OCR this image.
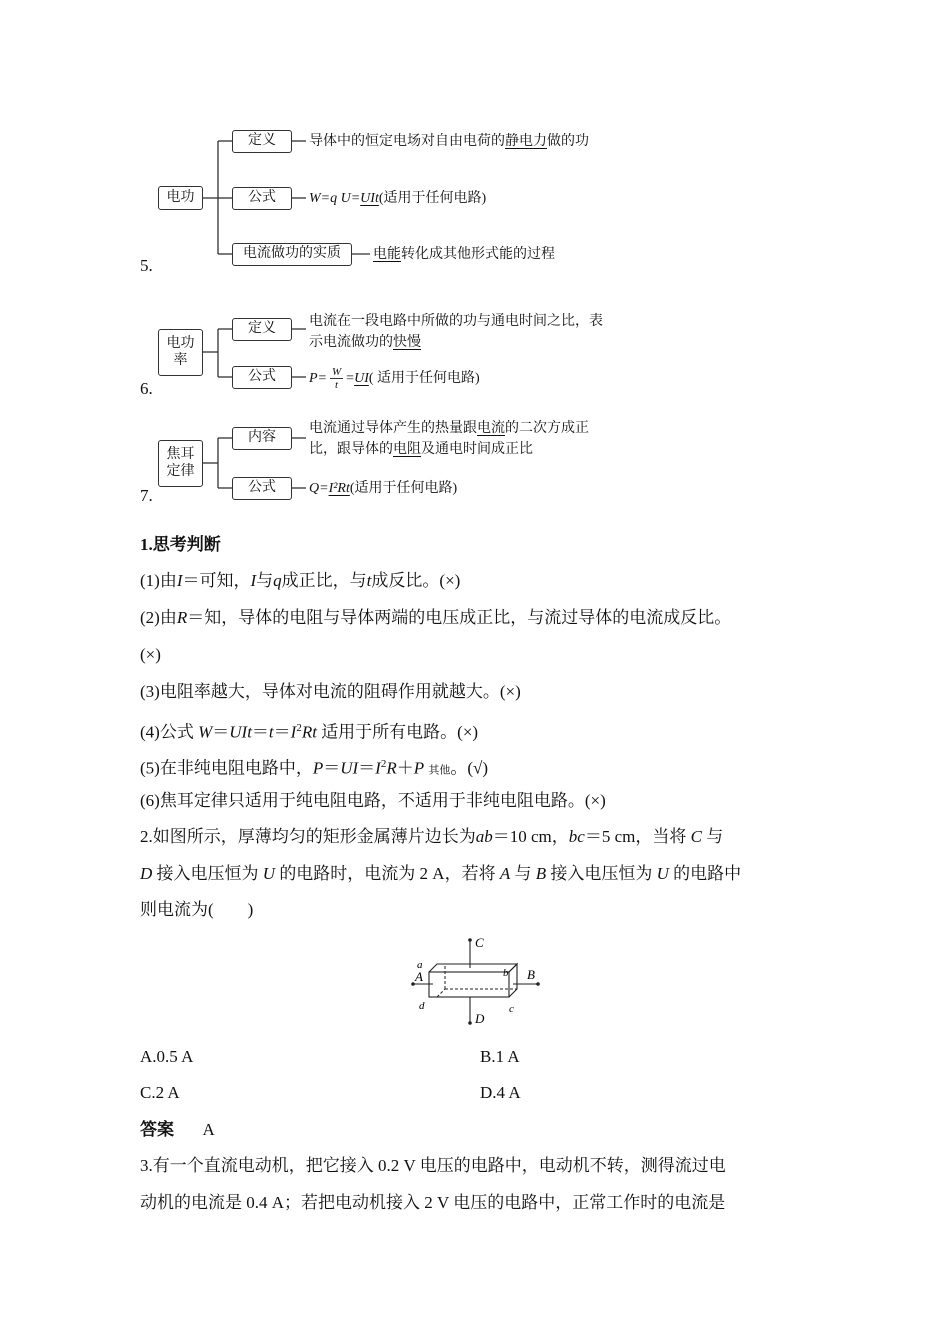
5.
电功
定义
公式
电流做功的实质
导体中的恒定电场对自由电荷的静电力做的功
W=q U=UIt(适用于任何电路)
电能转化成其他形式能的过程
6.
电功
率
定义
公式
电流在一段电路中所做的功与通电时间之比，表
示电流做功的快慢
$P= \frac{W}{t}$ = UI ( 适用于任何电路)
7.
焦耳
定律
内容
公式
电流通过导体产生的热量跟电流的二次方成正
比，跟导体的电阻及通电时间成正比
Q=I²Rt(适用于任何电路)
1.思考判断
(1)由I＝可知，I与q成正比，与t成反比。(×)
(2)由R＝知，导体的电阻与导体两端的电压成正比，与流过导体的电流成反比。
(×)
(3)电阻率越大，导体对电流的阻碍作用就越大。(×)
(4)公式 $W=UIt=t=I^2Rt$ 适用于所有电路。(×)
(5)在非纯电阻电路中，$P=UI=I^2R+P$ 其他。(√)
(6)焦耳定律只适用于纯电阻电路，不适用于非纯电阻电路。(×)
2.如图所示，厚薄均匀的矩形金属薄片边长为ab＝10 cm，bc＝5 cm，当将 C 与
D 接入电压恒为 U 的电路时，电流为 2 A，若将 A 与 B 接入电压恒为 U 的电路中
则电流为(　　)
C
D
a
A	b B
d	c
A.0.5 A	B.1 A
C.2 A	D.4 A
答案 A
3.有一个直流电动机，把它接入 0.2 V 电压的电路中，电动机不转，测得流过电
动机的电流是 0.4 A；若把电动机接入 2 V 电压的电路中，正常工作时的电流是
